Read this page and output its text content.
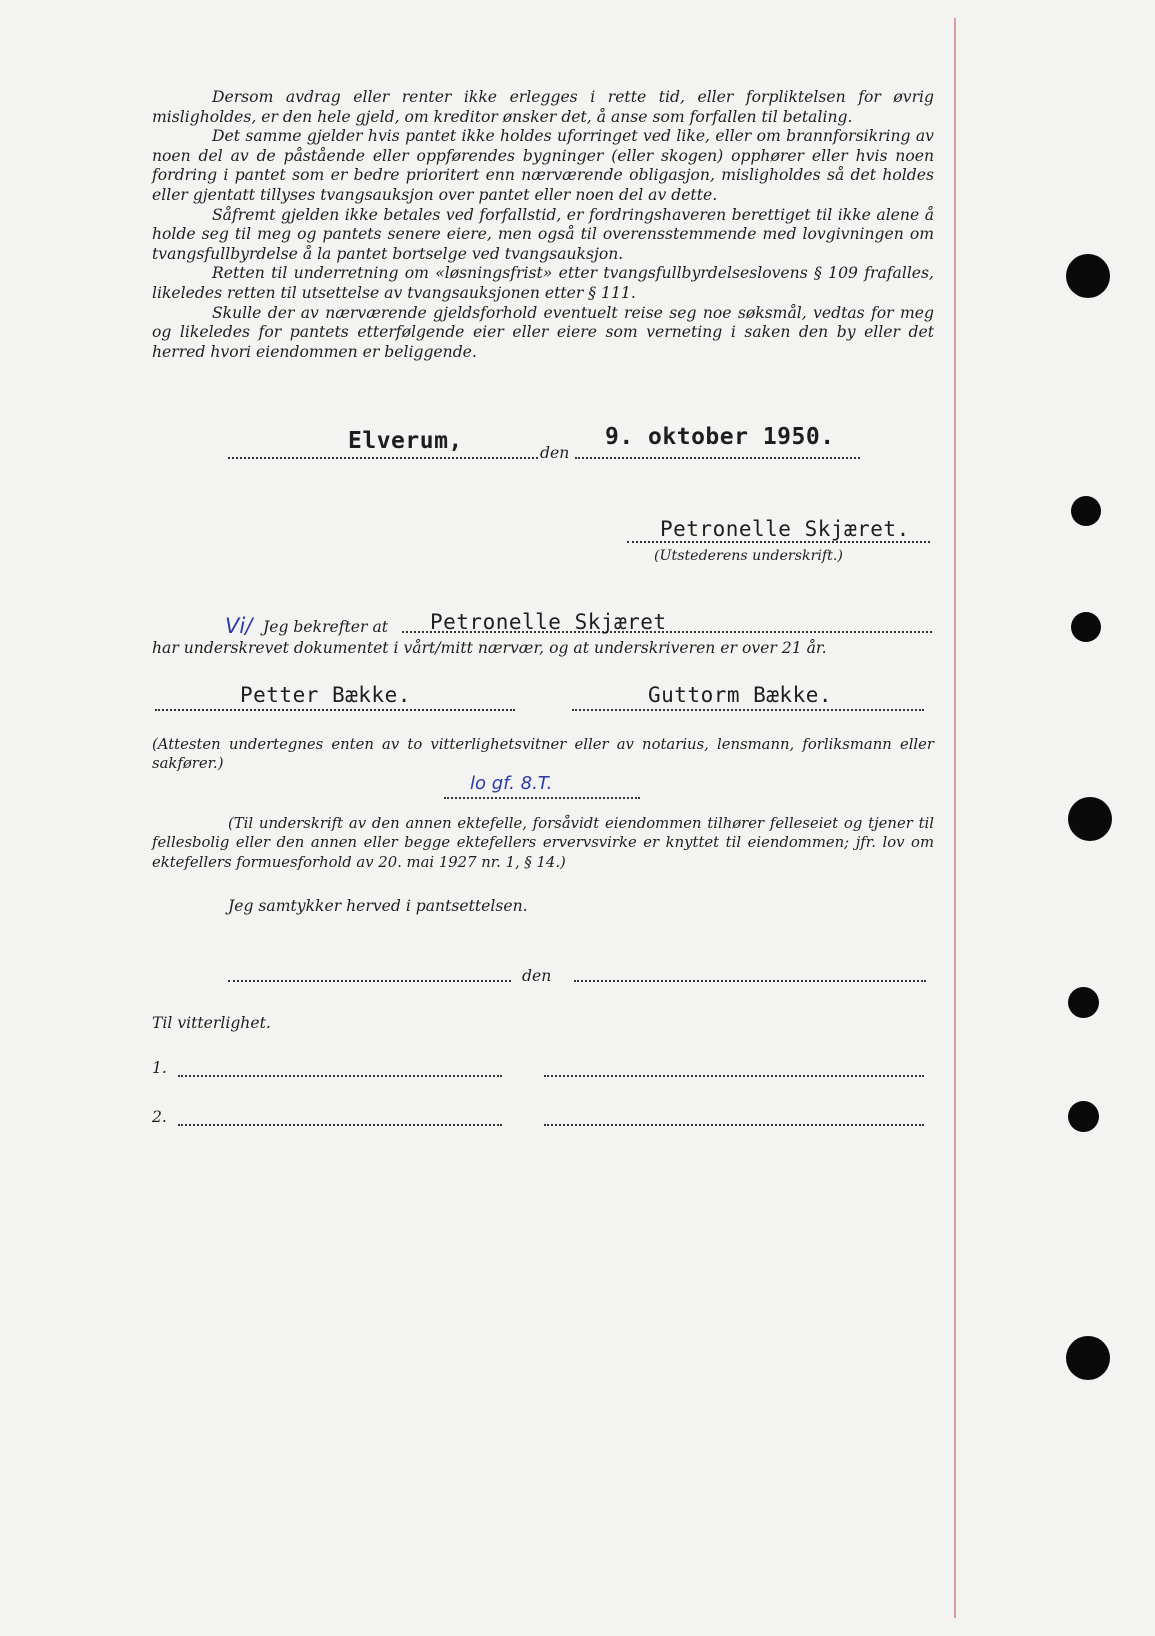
Dersom avdrag eller renter ikke erlegges i rette tid, eller forpliktelsen for øvrig misligholdes, er den hele gjeld, om kreditor ønsker det, å anse som forfallen til betaling.

Det samme gjelder hvis pantet ikke holdes uforringet ved like, eller om brannforsikring av noen del av de påstående eller oppførendes bygninger (eller skogen) opphører eller hvis noen fordring i pantet som er bedre prioritert enn nærværende obligasjon, misligholdes så det holdes eller gjentatt tillyses tvangsauksjon over pantet eller noen del av dette.

Såfremt gjelden ikke betales ved forfallstid, er fordringshaveren berettiget til ikke alene å holde seg til meg og pantets senere eiere, men også til overensstemmende med lovgivningen om tvangsfullbyrdelse å la pantet bortselge ved tvangsauksjon.

Retten til underretning om «løsningsfrist» etter tvangsfullbyrdelseslovens § 109 frafalles, likeledes retten til utsettelse av tvangsauksjonen etter § 111.

Skulle der av nærværende gjeldsforhold eventuelt reise seg noe søksmål, vedtas for meg og likeledes for pantets etterfølgende eier eller eiere som verneting i saken den by eller det herred hvori eiendommen er beliggende.

Elverum,	den
9. oktober 1950.
Petronelle Skjæret.
(Utstederens underskrift.)
Vi/ Jeg bekrefter at Petronelle Skjæret
har underskrevet dokumentet i vårt/mitt nærvær, og at underskriveren er over 21 år.
Petter Bække.	Guttorm Bække.

(Attesten undertegnes enten av to vitterlighetsvitner eller av notarius, lensmann, forliksmann eller sakfører.)

lo gf. 8.T.

(Til underskrift av den annen ektefelle, forsåvidt eiendommen tilhører felleseiet og tjener til fellesbolig eller den annen eller begge ektefellers ervervsvirke er knyttet til eiendommen; jfr. lov om ektefellers formuesforhold av 20. mai 1927 nr. 1, § 14.)

Jeg samtykker herved i pantsettelsen.
den
Til vitterlighet.
1.
2.
